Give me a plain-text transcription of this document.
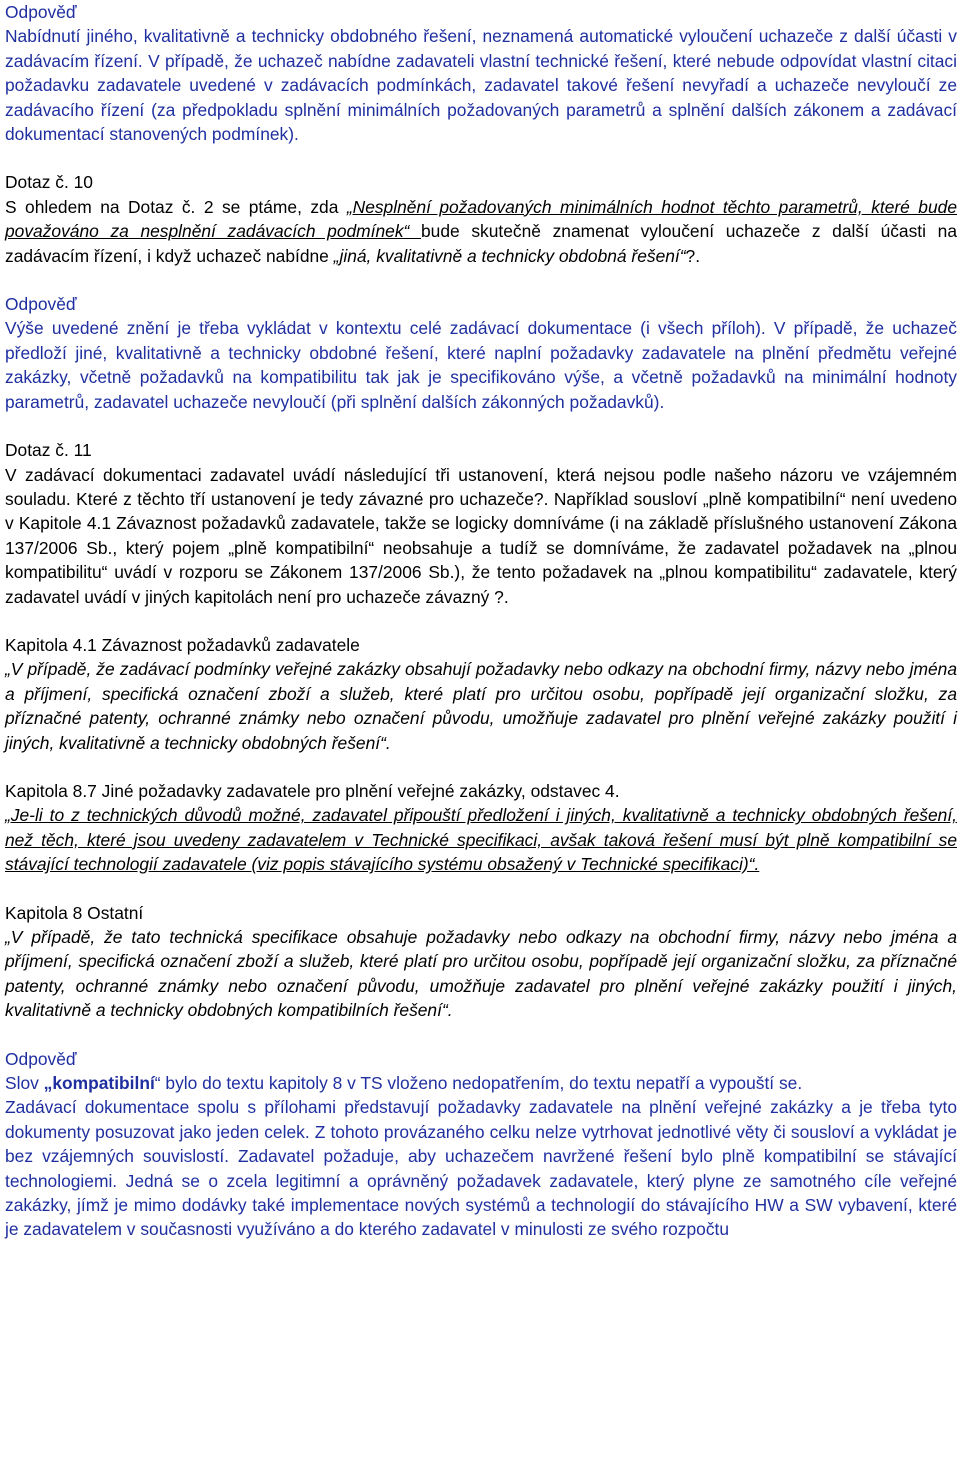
Odpověď

Nabídnutí jiného, kvalitativně a technicky obdobného řešení, neznamená automatické vyloučení uchazeče z další účasti v zadávacím řízení. V případě, že uchazeč nabídne zadavateli vlastní technické řešení, které nebude odpovídat vlastní citaci požadavku zadavatele uvedené v zadávacích podmínkách, zadavatel takové řešení nevyřadí a uchazeče nevyloučí ze zadávacího řízení (za předpokladu splnění minimálních požadovaných parametrů a splnění dalších zákonem a zadávací dokumentací stanovených podmínek).

Dotaz č. 10

S ohledem na Dotaz č. 2 se ptáme, zda „Nesplnění požadovaných minimálních hodnot těchto parametrů, které bude považováno za nesplnění zadávacích podmínek“ bude skutečně znamenat vyloučení uchazeče z další účasti na zadávacím řízení, i když uchazeč nabídne „jiná, kvalitativně a technicky obdobná řešení“?.

Odpověď

Výše uvedené znění je třeba vykládat v kontextu celé zadávací dokumentace (i všech příloh). V případě, že uchazeč předloží jiné, kvalitativně a technicky obdobné řešení, které naplní požadavky zadavatele na plnění předmětu veřejné zakázky, včetně požadavků na kompatibilitu tak jak je specifikováno výše, a včetně požadavků na minimální hodnoty parametrů, zadavatel uchazeče nevyloučí (při splnění dalších zákonných požadavků).

Dotaz č. 11

V zadávací dokumentaci zadavatel uvádí následující tři ustanovení, která nejsou podle našeho názoru ve vzájemném souladu. Které z těchto tří ustanovení je tedy závazné pro uchazeče?. Například sousloví „plně kompatibilní“ není uvedeno v Kapitole 4.1 Závaznost požadavků zadavatele, takže se logicky domníváme (i na základě příslušného ustanovení Zákona 137/2006 Sb., který pojem „plně kompatibilní“ neobsahuje a tudíž se domníváme, že zadavatel požadavek na „plnou kompatibilitu“ uvádí v rozporu se Zákonem 137/2006 Sb.), že tento požadavek na „plnou kompatibilitu“ zadavatele, který zadavatel uvádí v jiných kapitolách není pro uchazeče závazný ?.

Kapitola 4.1 Závaznost požadavků zadavatele

„V případě, že zadávací podmínky veřejné zakázky obsahují požadavky nebo odkazy na obchodní firmy, názvy nebo jména a příjmení, specifická označení zboží a služeb, které platí pro určitou osobu, popřípadě její organizační složku, za příznačné patenty, ochranné známky nebo označení původu, umožňuje zadavatel pro plnění veřejné zakázky použití i jiných, kvalitativně a technicky obdobných řešení“.

Kapitola 8.7 Jiné požadavky zadavatele pro plnění veřejné zakázky, odstavec 4.

„Je-li to z technických důvodů možné, zadavatel připouští předložení i jiných, kvalitativně a technicky obdobných řešení, než těch, které jsou uvedeny zadavatelem v Technické specifikaci, avšak taková řešení musí být plně kompatibilní se stávající technologií zadavatele (viz popis stávajícího systému obsažený v Technické specifikaci)“.

Kapitola 8 Ostatní

„V případě, že tato technická specifikace obsahuje požadavky nebo odkazy na obchodní firmy, názvy nebo jména a příjmení, specifická označení zboží a služeb, které platí pro určitou osobu, popřípadě její organizační složku, za příznačné patenty, ochranné známky nebo označení původu, umožňuje zadavatel pro plnění veřejné zakázky použití i jiných, kvalitativně a technicky obdobných kompatibilních řešení“.

Odpověď

Slov „kompatibilní“ bylo do textu kapitoly 8 v TS vloženo nedopatřením, do textu nepatří a vypouští se.

Zadávací dokumentace spolu s přílohami představují požadavky zadavatele na plnění veřejné zakázky a je třeba tyto dokumenty posuzovat jako jeden celek. Z tohoto provázaného celku nelze vytrhovat jednotlivé věty či sousloví a vykládat je bez vzájemných souvislostí. Zadavatel požaduje, aby uchazečem navržené řešení bylo plně kompatibilní se stávající technologiemi. Jedná se o zcela legitimní a oprávněný požadavek zadavatele, který plyne ze samotného cíle veřejné zakázky, jímž je mimo dodávky také implementace nových systémů a technologií do stávajícího HW a SW vybavení, které je zadavatelem v současnosti využíváno a do kterého zadavatel v minulosti ze svého rozpočtu
